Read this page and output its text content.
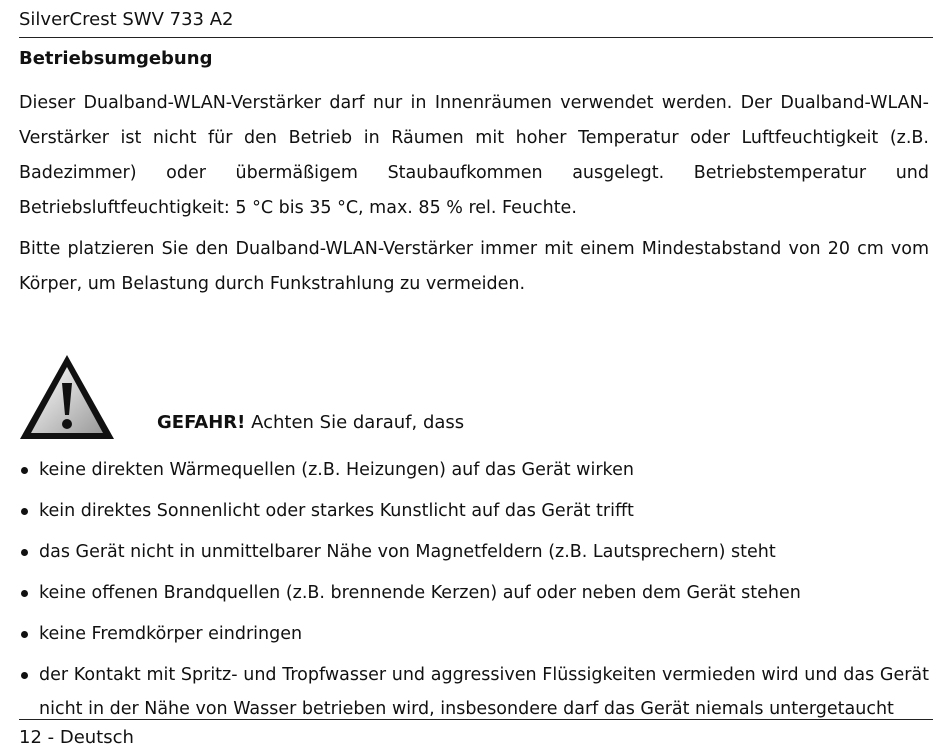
SilverCrest SWV 733 A2
Betriebsumgebung
Dieser Dualband-WLAN-Verstärker darf nur in Innenräumen verwendet werden. Der Dualband-WLAN-Verstärker ist nicht für den Betrieb in Räumen mit hoher Temperatur oder Luftfeuchtigkeit (z.B. Badezimmer) oder übermäßigem Staubaufkommen ausgelegt. Betriebstemperatur und Betriebsluftfeuchtigkeit: 5 °C bis 35 °C, max. 85 % rel. Feuchte.
Bitte platzieren Sie den Dualband-WLAN-Verstärker immer mit einem Mindestabstand von 20 cm vom Körper, um Belastung durch Funkstrahlung zu vermeiden.
GEFAHR! Achten Sie darauf, dass
keine direkten Wärmequellen (z.B. Heizungen) auf das Gerät wirken
kein direktes Sonnenlicht oder starkes Kunstlicht auf das Gerät trifft
das Gerät nicht in unmittelbarer Nähe von Magnetfeldern (z.B. Lautsprechern) steht
keine offenen Brandquellen (z.B. brennende Kerzen) auf oder neben dem Gerät stehen
keine Fremdkörper eindringen
der Kontakt mit Spritz- und Tropfwasser und aggressiven Flüssigkeiten vermieden wird und das Gerät nicht in der Nähe von Wasser betrieben wird, insbesondere darf das Gerät niemals untergetaucht
12 - Deutsch
